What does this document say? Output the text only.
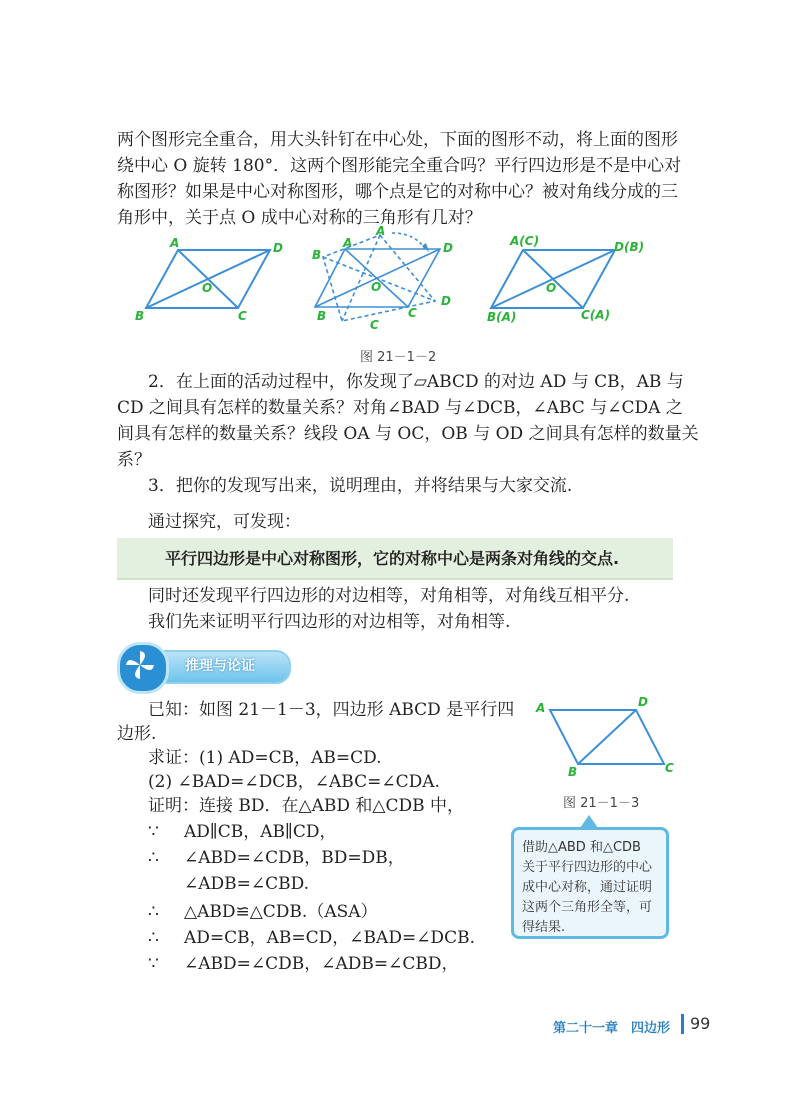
两个图形完全重合，用大头针钉在中心处，下面的图形不动，将上面的图形
绕中心 O 旋转 180°．这两个图形能完全重合吗？平行四边形是不是中心对
称图形？如果是中心对称图形，哪个点是它的对称中心？被对角线分成的三
角形中，关于点 O 成中心对称的三角形有几对？
A	D
B	C
O
A
A
B
B
C
C
D
D
O
A(C)	D(B)
B(A)	C(A)
O
图 21－1－2
2．在上面的活动过程中，你发现了▱ABCD 的对边 AD 与 CB，AB 与
CD 之间具有怎样的数量关系？对角∠BAD 与∠DCB，∠ABC 与∠CDA 之
间具有怎样的数量关系？线段 OA 与 OC，OB 与 OD 之间具有怎样的数量关
系？
3．把你的发现写出来，说明理由，并将结果与大家交流.
通过探究，可发现：
平行四边形是中心对称图形，它的对称中心是两条对角线的交点.
同时还发现平行四边形的对边相等，对角相等，对角线互相平分.
我们先来证明平行四边形的对边相等，对角相等.
推理与论证
已知：如图 21－1－3，四边形 ABCD 是平行四
边形.
求证：(1) AD=CB，AB=CD.
(2) ∠BAD=∠DCB，∠ABC=∠CDA.
证明：连接 BD．在△ABD 和△CDB 中，
∵ AD∥CB，AB∥CD，
∴ ∠ABD=∠CDB，BD=DB，
∠ADB=∠CBD.
∴ △ABD≌△CDB.（ASA）
∴ AD=CB，AB=CD，∠BAD=∠DCB.
∵ ∠ABD=∠CDB，∠ADB=∠CBD，
A	D
B	C
图 21－1－3
借助△ABD 和△CDB 关于平行四边形的中心成中心对称，通过证明这两个三角形全等，可得结果.
第二十一章　四边形 99
